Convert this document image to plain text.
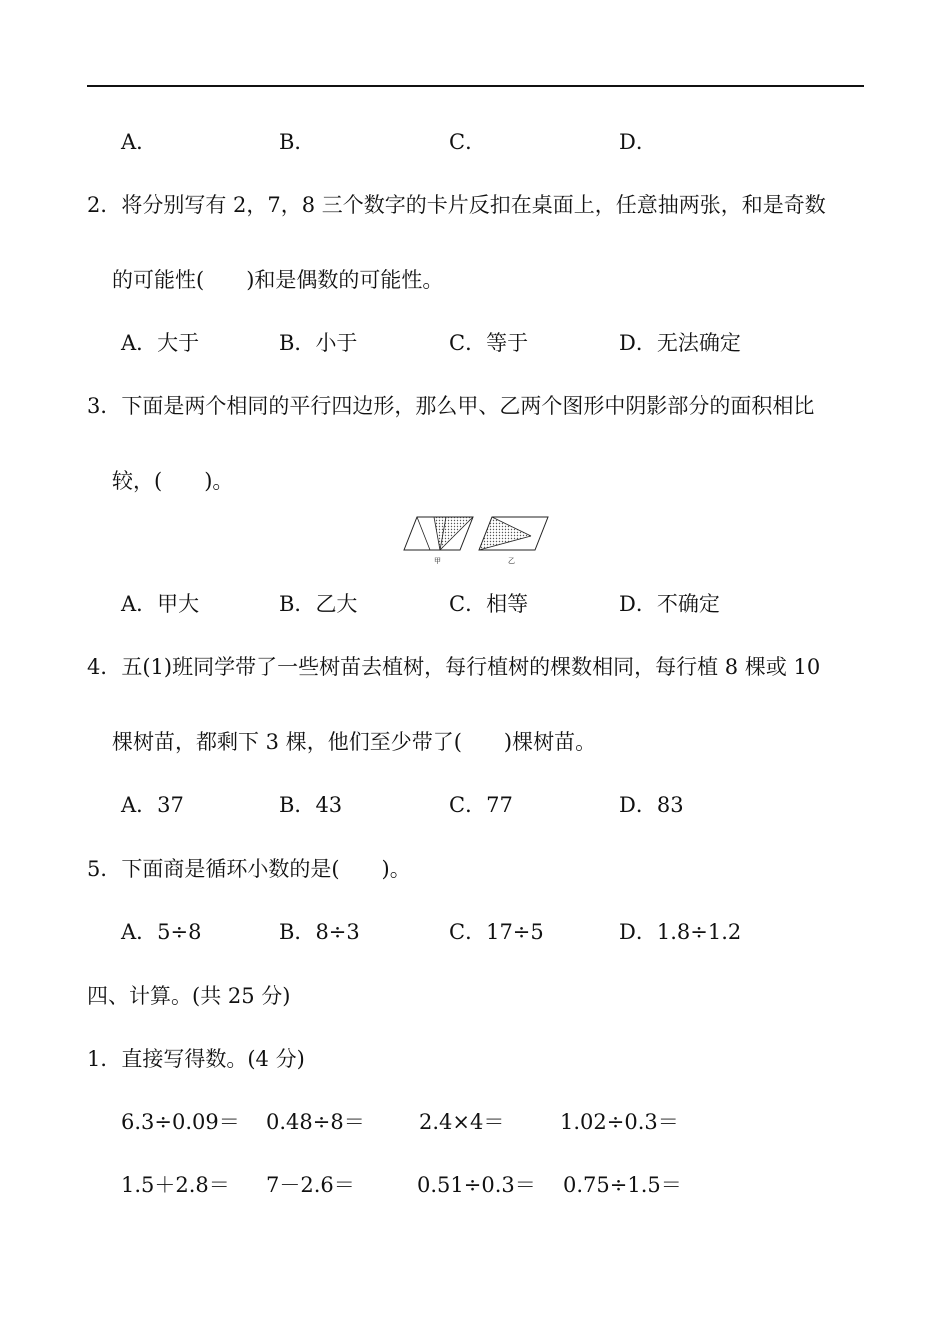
A．	B．	C．	D．
2．将分别写有 2，7，8 三个数字的卡片反扣在桌面上，任意抽两张，和是奇数
的可能性(　　)和是偶数的可能性。
A．大于	B．小于	C．等于	D．无法确定
3．下面是两个相同的平行四边形，那么甲、乙两个图形中阴影部分的面积相比
较，(　　)。
甲	乙
A．甲大	B．乙大	C．相等	D．不确定
4．五(1)班同学带了一些树苗去植树，每行植树的棵数相同，每行植 8 棵或 10
棵树苗，都剩下 3 棵，他们至少带了(　　)棵树苗。
A．37	B．43	C．77	D．83
5．下面商是循环小数的是(　　)。
A．5÷8	B．8÷3	C．17÷5	D．1.8÷1.2
四、计算。(共 25 分)
1．直接写得数。(4 分)
6.3÷0.09＝ 0.48÷8＝	2.4×4＝	1.02÷0.3＝
1.5＋2.8＝ 7－2.6＝	0.51÷0.3＝ 0.75÷1.5＝
